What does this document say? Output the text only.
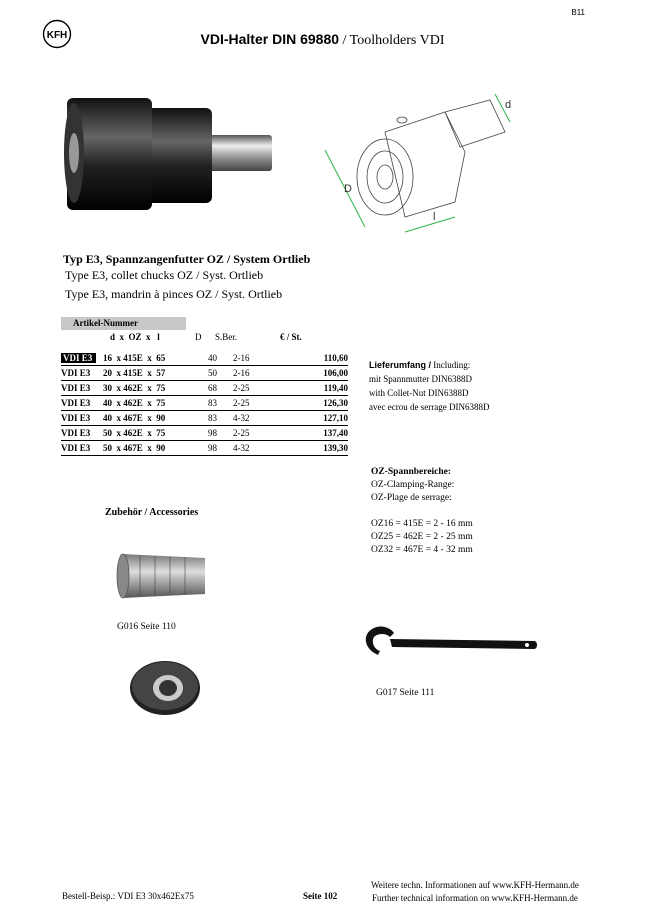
B11
KFH	VDI-Halter DIN 69880 / Toolholders VDI
D
l
d
Typ E3, Spannzangenfutter OZ / System Ortlieb
Type E3, collet chucks OZ / Syst. Ortlieb
Type E3, mandrin à pinces OZ / Syst. Ortlieb
Artikel-Nummer
d  x  OZ  x   l	D S.Ber.	€ / St.
VDI E3	16  x 415E  x  65	40	2-16	110,60
VDI E3	20  x 415E  x  57	50	2-16	106,00
VDI E3	30  x 462E  x  75	68	2-25	119,40
VDI E3	40  x 462E  x  75	83	2-25	126,30
VDI E3	40  x 467E  x  90	83	4-32	127,10
VDI E3	50  x 462E  x  75	98	2-25	137,40
VDI E3	50  x 467E  x  90	98	4-32	139,30
Lieferumfang / Including:
mit Spannmutter DIN6388D
with Collet-Nut DIN6388D
avec ecrou de serrage DIN6388D
OZ-Spannbereiche:
OZ-Clamping-Range:
OZ-Plage de serrage:
OZ16 = 415E = 2 - 16 mm
OZ25 = 462E = 2 - 25 mm
OZ32 = 467E = 4 - 32 mm
Zubehör / Accessories
G016 Seite 110
G017 Seite 111
Bestell-Beisp.: VDI E3 30x462Ex75	Seite 102
Weitere techn. Informationen auf www.KFH-Hermann.de
Further technical information on www.KFH-Hermann.de
